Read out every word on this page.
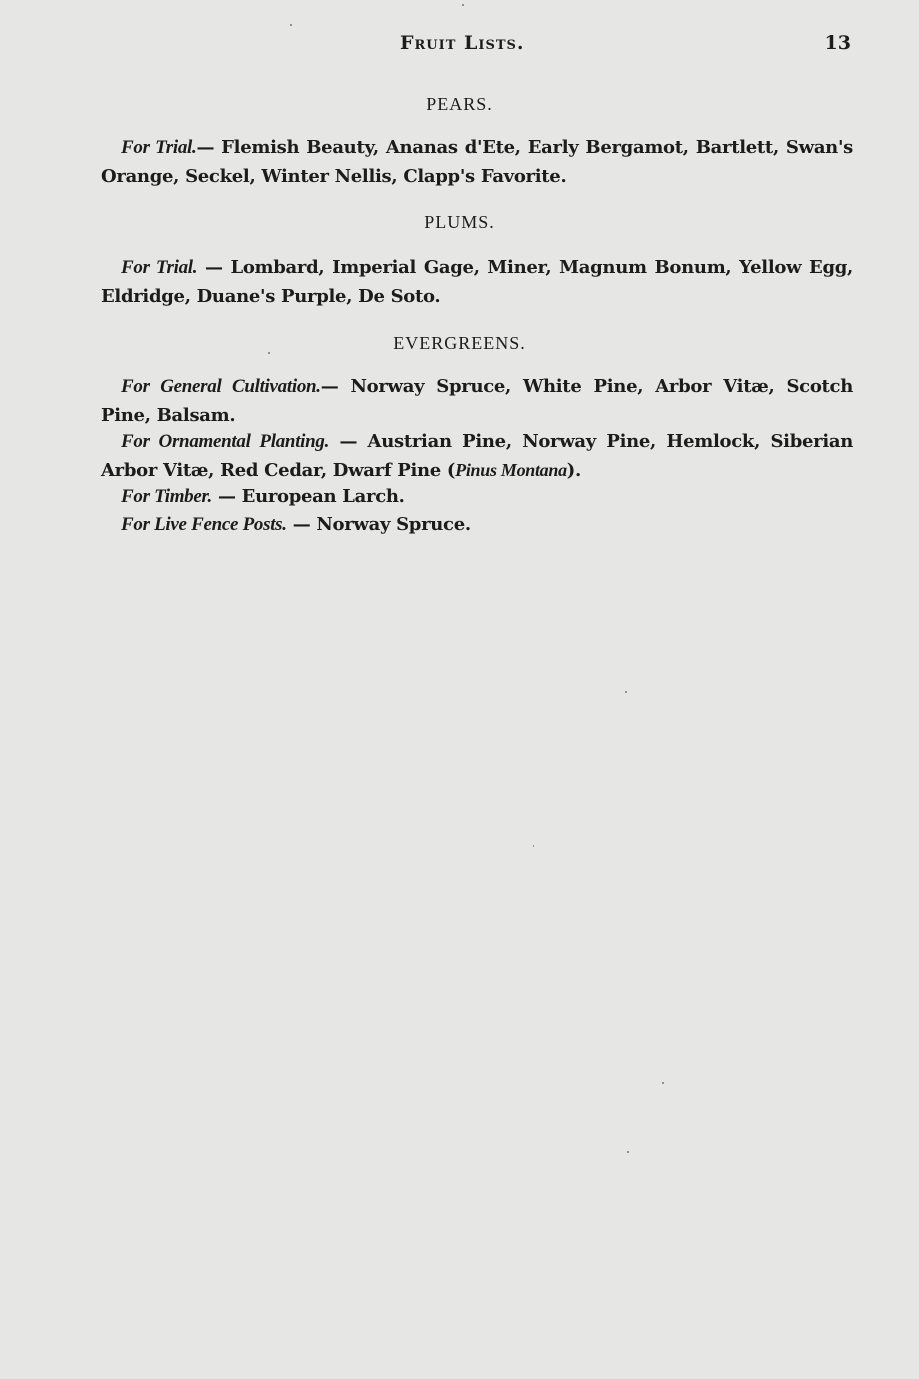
Fruit Lists.	13
PEARS.

For Trial.— Flemish Beauty, Ananas d'Ete, Early Bergamot, Bartlett, Swan's Orange, Seckel, Winter Nellis, Clapp's Favorite.

PLUMS.

For Trial. — Lombard, Imperial Gage, Miner, Magnum Bonum, Yellow Egg, Eldridge, Duane's Purple, De Soto.

EVERGREENS.

For General Cultivation.— Norway Spruce, White Pine, Arbor Vitæ, Scotch Pine, Balsam.

For Ornamental Planting. — Austrian Pine, Norway Pine, Hemlock, Siberian Arbor Vitæ, Red Cedar, Dwarf Pine (Pinus Montana).

For Timber. — European Larch.

For Live Fence Posts. — Norway Spruce.
